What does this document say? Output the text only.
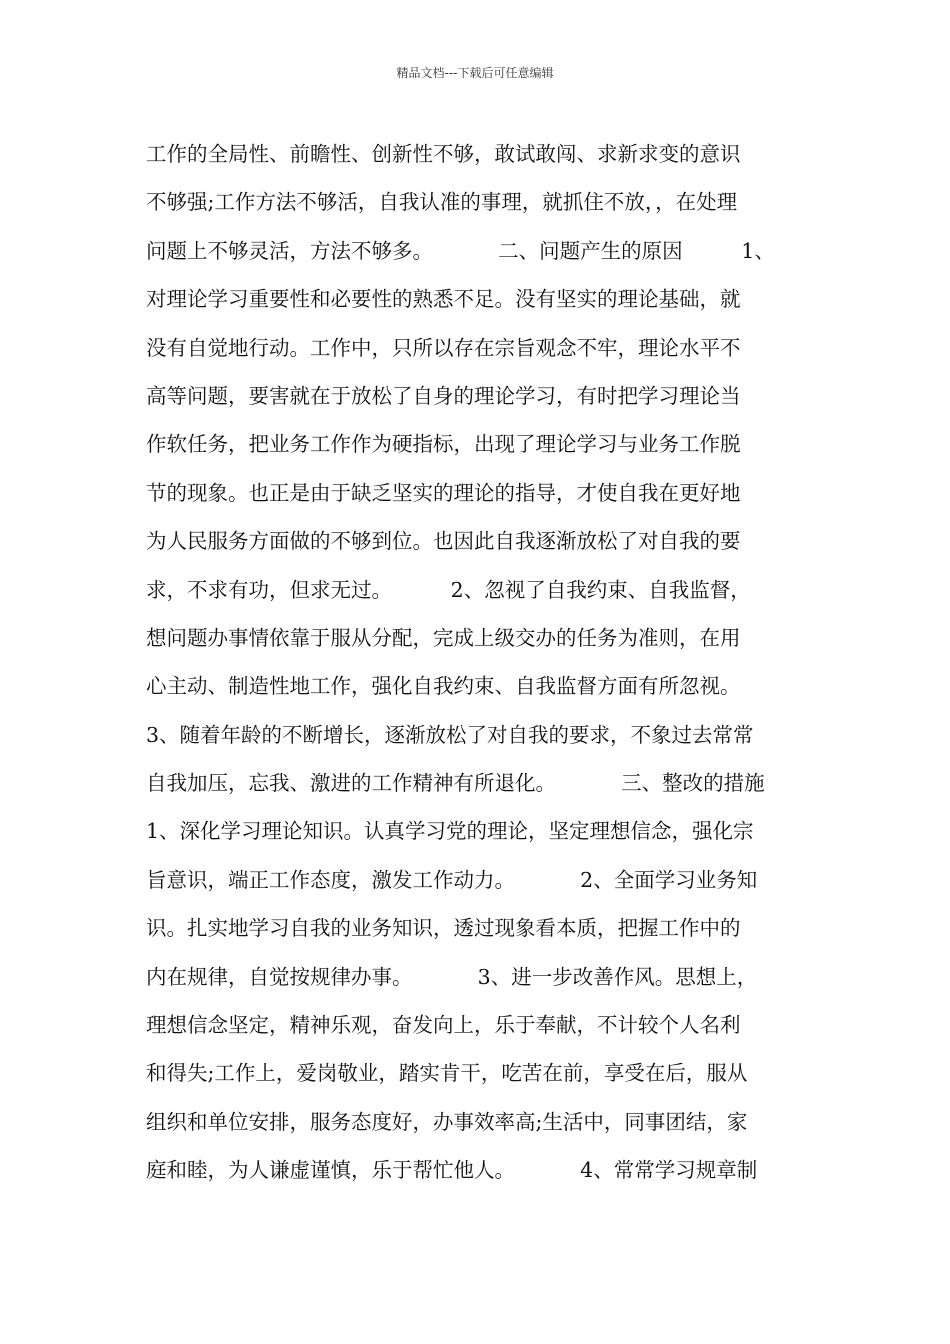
精品文档---下载后可任意编辑
工作的全局性、前瞻性、创新性不够，敢试敢闯、求新求变的意识
不够强;工作方法不够活，自我认准的事理，就抓住不放，，在处理
问题上不够灵活，方法不够多。          二、问题产生的原因         1、
对理论学习重要性和必要性的熟悉不足。没有坚实的理论基础，就
没有自觉地行动。工作中，只所以存在宗旨观念不牢，理论水平不
高等问题，要害就在于放松了自身的理论学习，有时把学习理论当
作软任务，把业务工作作为硬指标，出现了理论学习与业务工作脱
节的现象。也正是由于缺乏坚实的理论的指导，才使自我在更好地
为人民服务方面做的不够到位。也因此自我逐渐放松了对自我的要
求，不求有功，但求无过。         2、忽视了自我约束、自我监督，
想问题办事情依靠于服从分配，完成上级交办的任务为准则，在用
心主动、制造性地工作，强化自我约束、自我监督方面有所忽视。
3、随着年龄的不断增长，逐渐放松了对自我的要求，不象过去常常
自我加压，忘我、激进的工作精神有所退化。          三、整改的措施
1、深化学习理论知识。认真学习党的理论，坚定理想信念，强化宗
旨意识，端正工作态度，激发工作动力。          2、全面学习业务知
识。扎实地学习自我的业务知识，透过现象看本质，把握工作中的
内在规律，自觉按规律办事。          3、进一步改善作风。思想上，
理想信念坚定，精神乐观，奋发向上，乐于奉献，不计较个人名利
和得失;工作上，爱岗敬业，踏实肯干，吃苦在前，享受在后，服从
组织和单位安排，服务态度好，办事效率高;生活中，同事团结，家
庭和睦，为人谦虚谨慎，乐于帮忙他人。          4、常常学习规章制
